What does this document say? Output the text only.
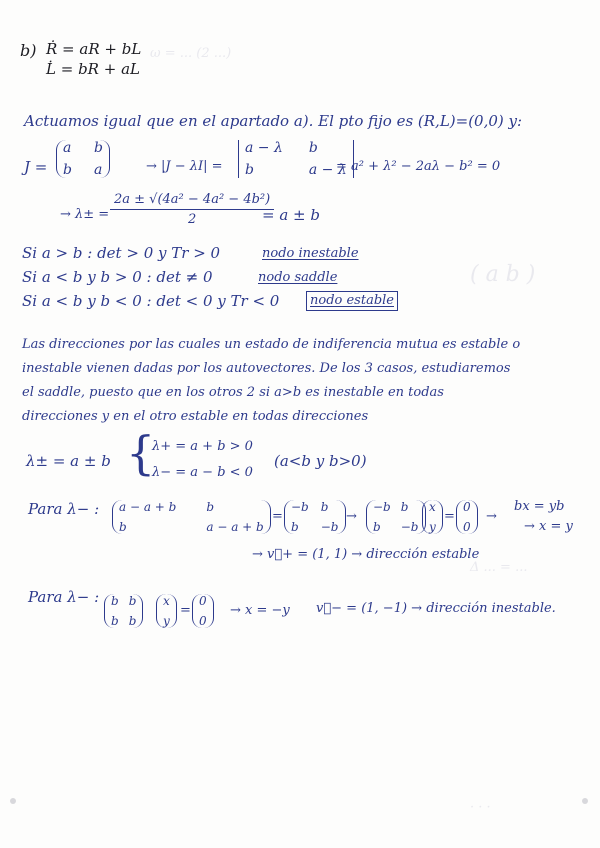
ω = ... (2 ...)
( a b )
Δ ... = ...
· · ·
b) Ṙ = aR + bL
L̇ = bR + aL
Actuamos igual que en el apartado a). El pto fijo es (R,L)=(0,0) y:
J =
a b
b a	→ |J − λI| =
a − λ b
b	a − λ
= a² + λ² − 2aλ − b² = 0
→ $\lambda\pm = \frac{\text{2a ± √(4a² − 4a² − 4b²)}}{2}$
= a ± b
Si a > b : det > 0 y Tr > 0	nodo inestable
Si a < b y b > 0 : det ≠ 0	nodo saddle
Si a < b y b < 0 : det < 0 y Tr < 0	nodo estable
Las direcciones por las cuales un estado de indiferencia mutua es estable o
inestable vienen dadas por los autovectores. De los 3 casos, estudiaremos
el saddle, puesto que en los otros 2 si a>b es inestable en todas
direcciones y en el otro estable en todas direcciones
λ± = a ± b {
λ+ = a + b > 0
λ− = a − b < 0
(a<b y b>0)
Para λ− : a − a + b	b
b	a − a + b
=
−b b
b	−b
→
−b b
b	−b
x
y
=
0
0
→
bx = yb
→ x = y
→ v⃗+ = (1, 1) → dirección estable
Para λ− : b b
b b
x
y
=
0
0
→ x = −y v⃗− = (1, −1) → dirección inestable.
